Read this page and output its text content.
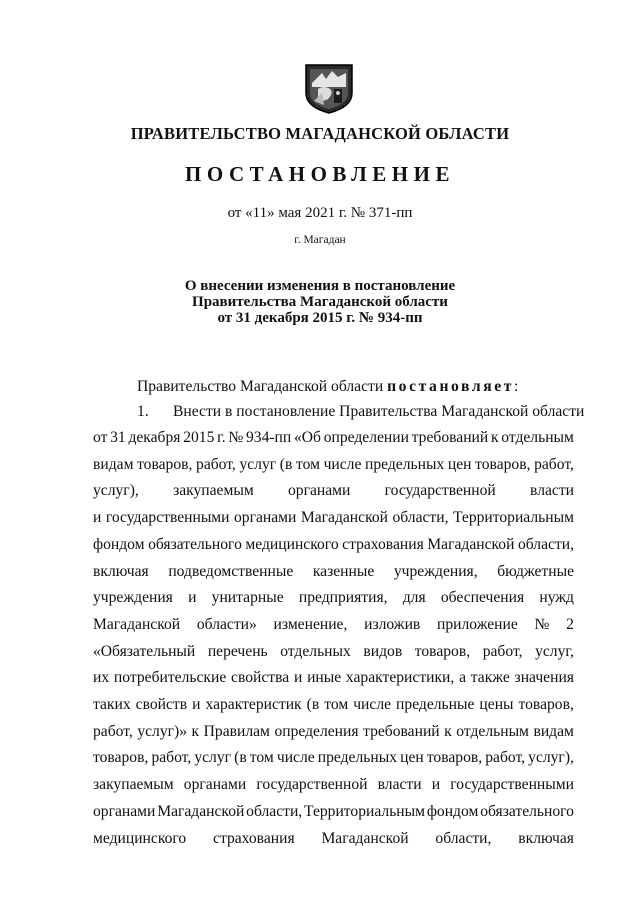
ПРАВИТЕЛЬСТВО МАГАДАНСКОЙ ОБЛАСТИ
ПОСТАНОВЛЕНИЕ
от «11» мая 2021 г. № 371-пп
г. Магадан
О внесении изменения в постановление
Правительства Магаданской области
от 31 декабря 2015 г. № 934-пп
Правительство Магаданской области постановляет:
1. Внести в постановление Правительства Магаданской области
от 31 декабря 2015 г. № 934-пп «Об определении требований к отдельным
видам товаров, работ, услуг (в том числе предельных цен товаров, работ,
услуг), закупаемым органами государственной власти
и государственными органами Магаданской области, Территориальным
фондом обязательного медицинского страхования Магаданской области,
включая подведомственные казенные учреждения, бюджетные
учреждения и унитарные предприятия, для обеспечения нужд
Магаданской области» изменение, изложив приложение № 2
«Обязательный перечень отдельных видов товаров, работ, услуг,
их потребительские свойства и иные характеристики, а также значения
таких свойств и характеристик (в том числе предельные цены товаров,
работ, услуг)» к Правилам определения требований к отдельным видам
товаров, работ, услуг (в том числе предельных цен товаров, работ, услуг),
закупаемым органами государственной власти и государственными
органами Магаданской области, Территориальным фондом обязательного
медицинского страхования Магаданской области, включая
